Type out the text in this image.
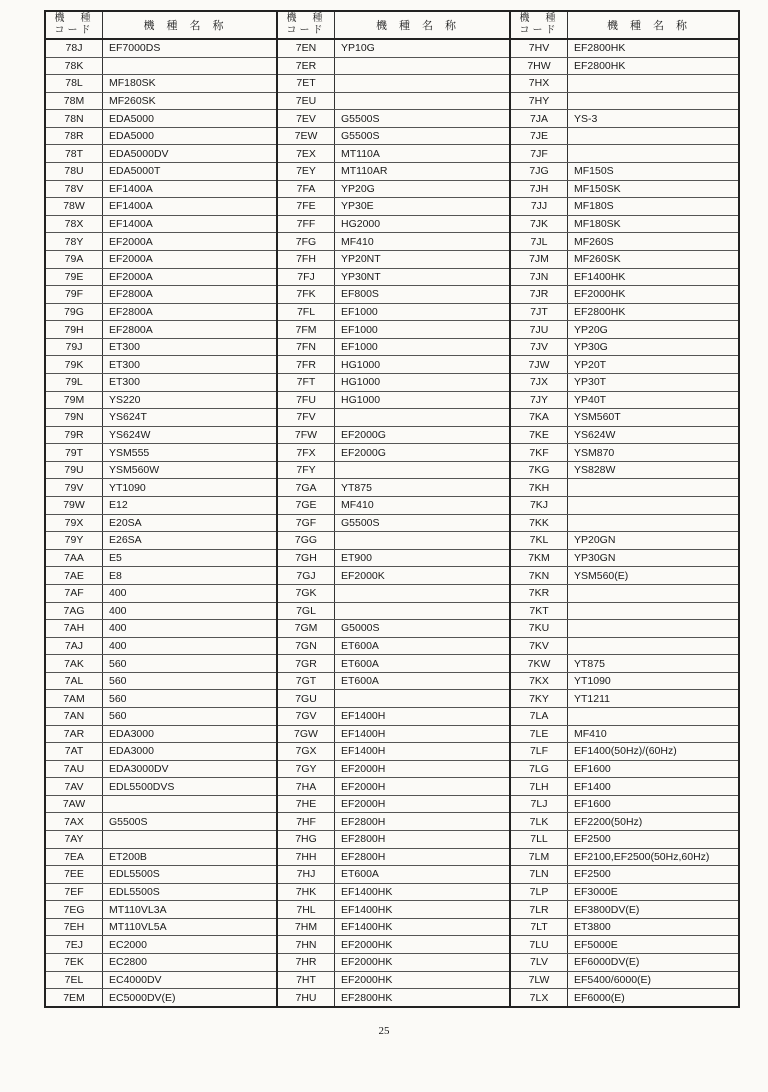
機　種
コード	機種名称
78J	EF7000DS
78K
78L	MF180SK
78M	MF260SK
78N	EDA5000
78R	EDA5000
78T	EDA5000DV
78U	EDA5000T
78V	EF1400A
78W	EF1400A
78X	EF1400A
78Y	EF2000A
79A	EF2000A
79E	EF2000A
79F	EF2800A
79G	EF2800A
79H	EF2800A
79J	ET300
79K	ET300
79L	ET300
79M	YS220
79N	YS624T
79R	YS624W
79T	YSM555
79U	YSM560W
79V	YT1090
79W	E12
79X	E20SA
79Y	E26SA
7AA	E5
7AE	E8
7AF	400
7AG	400
7AH	400
7AJ	400
7AK	560
7AL	560
7AM	560
7AN	560
7AR	EDA3000
7AT	EDA3000
7AU	EDA3000DV
7AV	EDL5500DVS
7AW
7AX	G5500S
7AY
7EA	ET200B
7EE	EDL5500S
7EF	EDL5500S
7EG	MT110VL3A
7EH	MT110VL5A
7EJ	EC2000
7EK	EC2800
7EL	EC4000DV
7EM	EC5000DV(E)
機　種
コード	機種名称
7EN	YP10G
7ER
7ET
7EU
7EV	G5500S
7EW	G5500S
7EX	MT110A
7EY	MT110AR
7FA	YP20G
7FE	YP30E
7FF	HG2000
7FG	MF410
7FH	YP20NT
7FJ	YP30NT
7FK	EF800S
7FL	EF1000
7FM	EF1000
7FN	EF1000
7FR	HG1000
7FT	HG1000
7FU	HG1000
7FV
7FW	EF2000G
7FX	EF2000G
7FY
7GA	YT875
7GE	MF410
7GF	G5500S
7GG
7GH	ET900
7GJ	EF2000K
7GK
7GL
7GM	G5000S
7GN	ET600A
7GR	ET600A
7GT	ET600A
7GU
7GV	EF1400H
7GW	EF1400H
7GX	EF1400H
7GY	EF2000H
7HA	EF2000H
7HE	EF2000H
7HF	EF2800H
7HG	EF2800H
7HH	EF2800H
7HJ	ET600A
7HK	EF1400HK
7HL	EF1400HK
7HM	EF1400HK
7HN	EF2000HK
7HR	EF2000HK
7HT	EF2000HK
7HU	EF2800HK
機　種
コード	機種名称
7HV	EF2800HK
7HW	EF2800HK
7HX
7HY
7JA	YS-3
7JE
7JF
7JG	MF150S
7JH	MF150SK
7JJ	MF180S
7JK	MF180SK
7JL	MF260S
7JM	MF260SK
7JN	EF1400HK
7JR	EF2000HK
7JT	EF2800HK
7JU	YP20G
7JV	YP30G
7JW	YP20T
7JX	YP30T
7JY	YP40T
7KA	YSM560T
7KE	YS624W
7KF	YSM870
7KG	YS828W
7KH
7KJ
7KK
7KL	YP20GN
7KM	YP30GN
7KN	YSM560(E)
7KR
7KT
7KU
7KV
7KW	YT875
7KX	YT1090
7KY	YT1211
7LA
7LE	MF410
7LF	EF1400(50Hz)/(60Hz)
7LG	EF1600
7LH	EF1400
7LJ	EF1600
7LK	EF2200(50Hz)
7LL	EF2500
7LM	EF2100,EF2500(50Hz,60Hz)
7LN	EF2500
7LP	EF3000E
7LR	EF3800DV(E)
7LT	ET3800
7LU	EF5000E
7LV	EF6000DV(E)
7LW	EF5400/6000(E)
7LX	EF6000(E)
25
